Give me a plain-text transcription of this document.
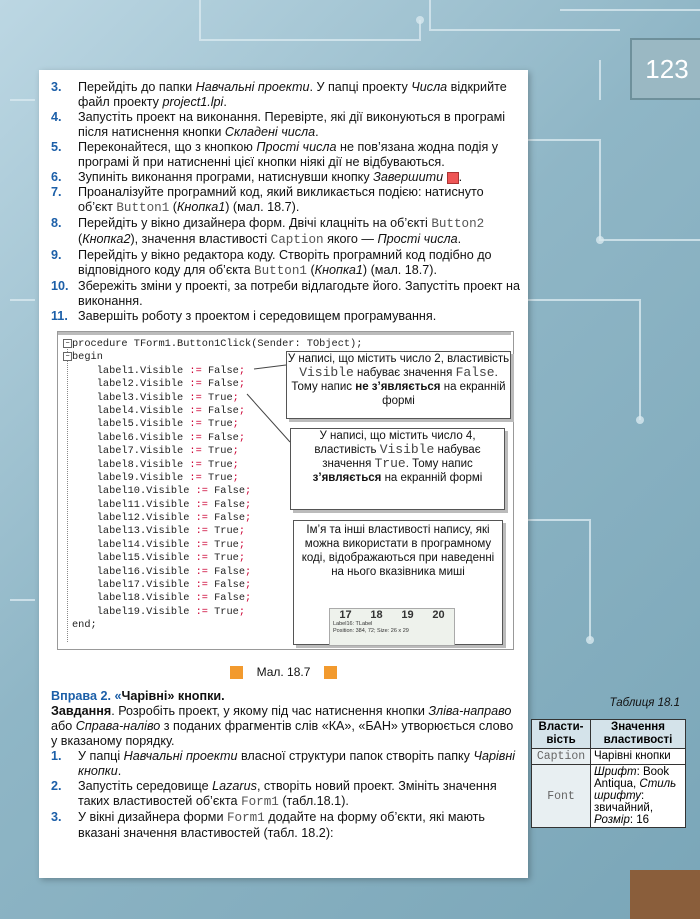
123
3. Перейдіть до папки Навчальні проекти. У папці проекту Числа відкрийте файл проекту project1.lpi.
4. Запустіть проект на виконання. Перевірте, які дії виконуються в програмі після натиснення кнопки Складені числа.
5. Переконайтеся, що з кнопкою Прості числа не пов’язана жодна подія у програмі й при натисненні цієї кнопки ніякі дії не відбуваються.
6. Зупиніть виконання програми, натиснувши кнопку Завершити .
7. Проаналізуйте програмний код, який викликається подією: натиснуто об’єкт Button1 (Кнопка1) (мал. 18.7).
8. Перейдіть у вікно дизайнера форм. Двічі клацніть на об’єкті Button2 (Кнопка2), значення властивості Caption якого — Прості числа.
9. Перейдіть у вікно редактора коду. Створіть програмний код подібно до відповідного коду для об’єкта Button1 (Кнопка1) (мал. 18.7).
10. Збережіть зміни у проекті, за потреби відлагодьте його. Запустіть проект на виконання.
11. Завершіть роботу з проектом і середовищем програмування.
−
−
procedure TForm1.Button1Click(Sender: TObject);
begin
label1.Visible := False;
label2.Visible := False;
label3.Visible := True;
label4.Visible := False;
label5.Visible := True;
label6.Visible := False;
label7.Visible := True;
label8.Visible := True;
label9.Visible := True;
label10.Visible := False;
label11.Visible := False;
label12.Visible := False;
label13.Visible := True;
label14.Visible := True;
label15.Visible := True;
label16.Visible := False;
label17.Visible := False;
label18.Visible := False;
label19.Visible := True;
end;
У написі, що містить число 2, властивість Visible набуває значення False. Тому напис не з’являється на екранній формі
У написі, що містить число 4, властивість Visible набуває значення True. Тому напис з’являється на екранній формі
Ім’я та інші властивості напису, які можна використати в програмному коді, відображаються при наведенні на нього вказівника миші
17 18 19 20
Label16: TLabel
Position: 384, 72; Size: 26 x 29
Мал. 18.7
Вправа 2. «Чарівні» кнопки.
Завдання. Розробіть проект, у якому під час натиснення кнопки Зліва-направо або Справа-наліво з поданих фрагментів слів «КА», «БАН» утворюється слово у вказаному порядку.
1. У папці Навчальні проекти власної структури папок створіть папку Чарівні кнопки.
2. Запустіть середовище Lazarus, створіть новий проект. Змініть значення таких властивостей об’єкта Form1 (табл.18.1).
3. У вікні дизайнера форми Form1 додайте на форму об’єкти, які мають вказані значення властивостей (табл. 18.2):
Таблиця 18.1
Власти-вість	Значення властивості
Caption	Чарівні кнопки
Font	Шрифт: Book Antiqua, Стиль шрифту: звичайний, Розмір: 16
